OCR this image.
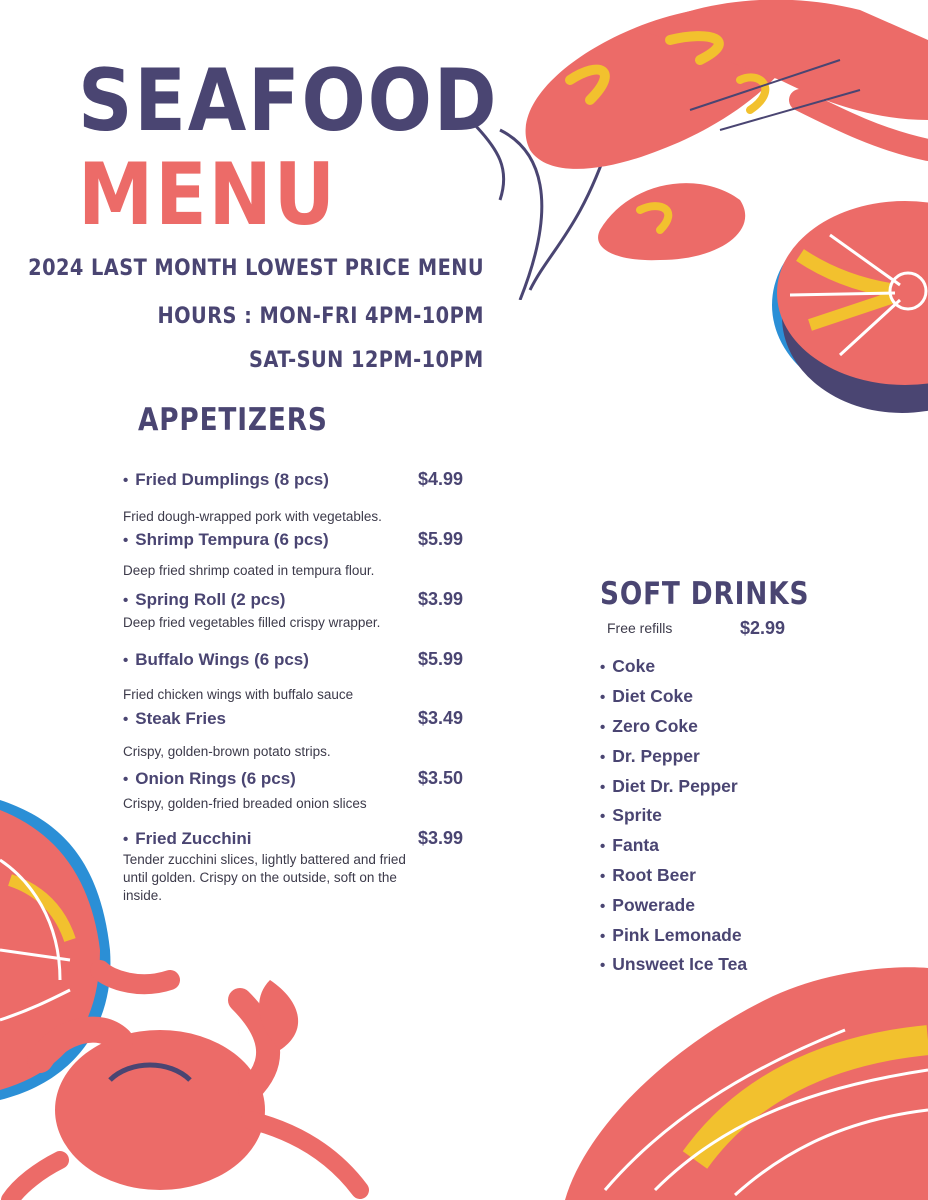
SEAFOOD
MENU
2024 LAST MONTH LOWEST PRICE MENU
HOURS : MON-FRI 4PM-10PM
SAT-SUN 12PM-10PM
APPETIZERS
• Fried Dumplings (8 pcs)	$4.99
Fried dough-wrapped pork with vegetables.
• Shrimp Tempura (6 pcs)	$5.99
Deep fried shrimp coated in tempura flour.
• Spring Roll (2 pcs)	$3.99
Deep fried vegetables filled crispy wrapper.
• Buffalo Wings (6 pcs)	$5.99
Fried chicken wings with buffalo sauce
• Steak Fries	$3.49
Crispy, golden-brown potato strips.
• Onion Rings (6 pcs)	$3.50
Crispy, golden-fried breaded onion slices
• Fried Zucchini	$3.99
Tender zucchini slices, lightly battered and fried until golden. Crispy on the outside, soft on the inside.
SOFT DRINKS
Free refills	$2.99
• Coke
• Diet Coke
• Zero Coke
• Dr. Pepper
• Diet Dr. Pepper
• Sprite
• Fanta
• Root Beer
• Powerade
• Pink Lemonade
• Unsweet Ice Tea
